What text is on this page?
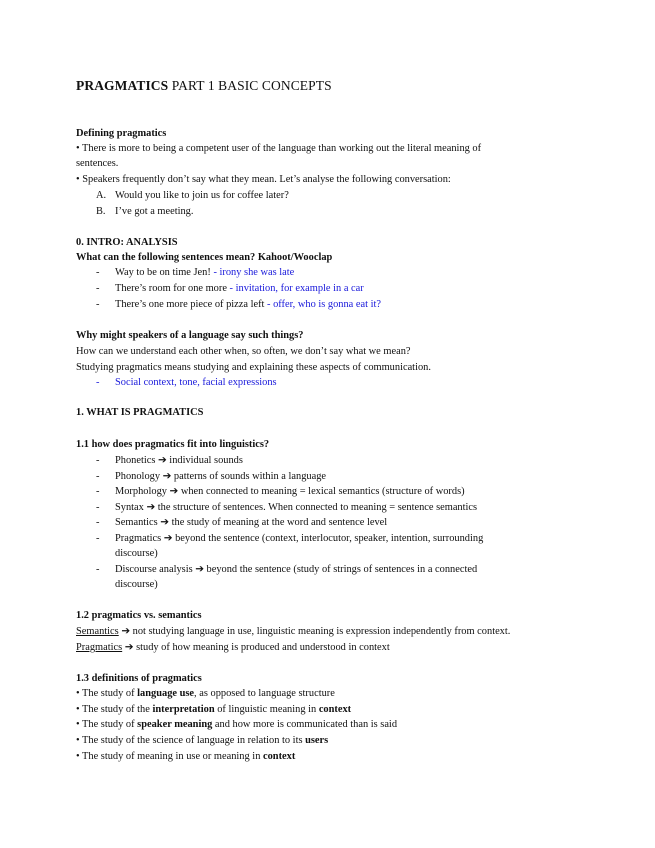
PRAGMATICS PART 1 BASIC CONCEPTS
Defining pragmatics
• There is more to being a competent user of the language than working out the literal meaning of
sentences.
• Speakers frequently don’t say what they mean. Let’s analyse the following conversation:
A. Would you like to join us for coffee later?
B. I’ve got a meeting.
0. INTRO: ANALYSIS
What can the following sentences mean? Kahoot/Wooclap
- Way to be on time Jen! - irony she was late
- There’s room for one more - invitation, for example in a car
- There’s one more piece of pizza left - offer, who is gonna eat it?
Why might speakers of a language say such things?
How can we understand each other when, so often, we don’t say what we mean?
Studying pragmatics means studying and explaining these aspects of communication.
- Social context, tone, facial expressions
1. WHAT IS PRAGMATICS
1.1 how does pragmatics fit into linguistics?
- Phonetics ➔ individual sounds
- Phonology ➔ patterns of sounds within a language
- Morphology ➔ when connected to meaning = lexical semantics (structure of words)
- Syntax ➔ the structure of sentences. When connected to meaning = sentence semantics
- Semantics ➔ the study of meaning at the word and sentence level
- Pragmatics ➔ beyond the sentence (context, interlocutor, speaker, intention, surrounding
discourse)
- Discourse analysis ➔ beyond the sentence (study of strings of sentences in a connected
discourse)
1.2 pragmatics vs. semantics
Semantics ➔ not studying language in use, linguistic meaning is expression independently from context.
Pragmatics ➔ study of how meaning is produced and understood in context
1.3 definitions of pragmatics
• The study of language use, as opposed to language structure
• The study of the interpretation of linguistic meaning in context
• The study of speaker meaning and how more is communicated than is said
• The study of the science of language in relation to its users
• The study of meaning in use or meaning in context
